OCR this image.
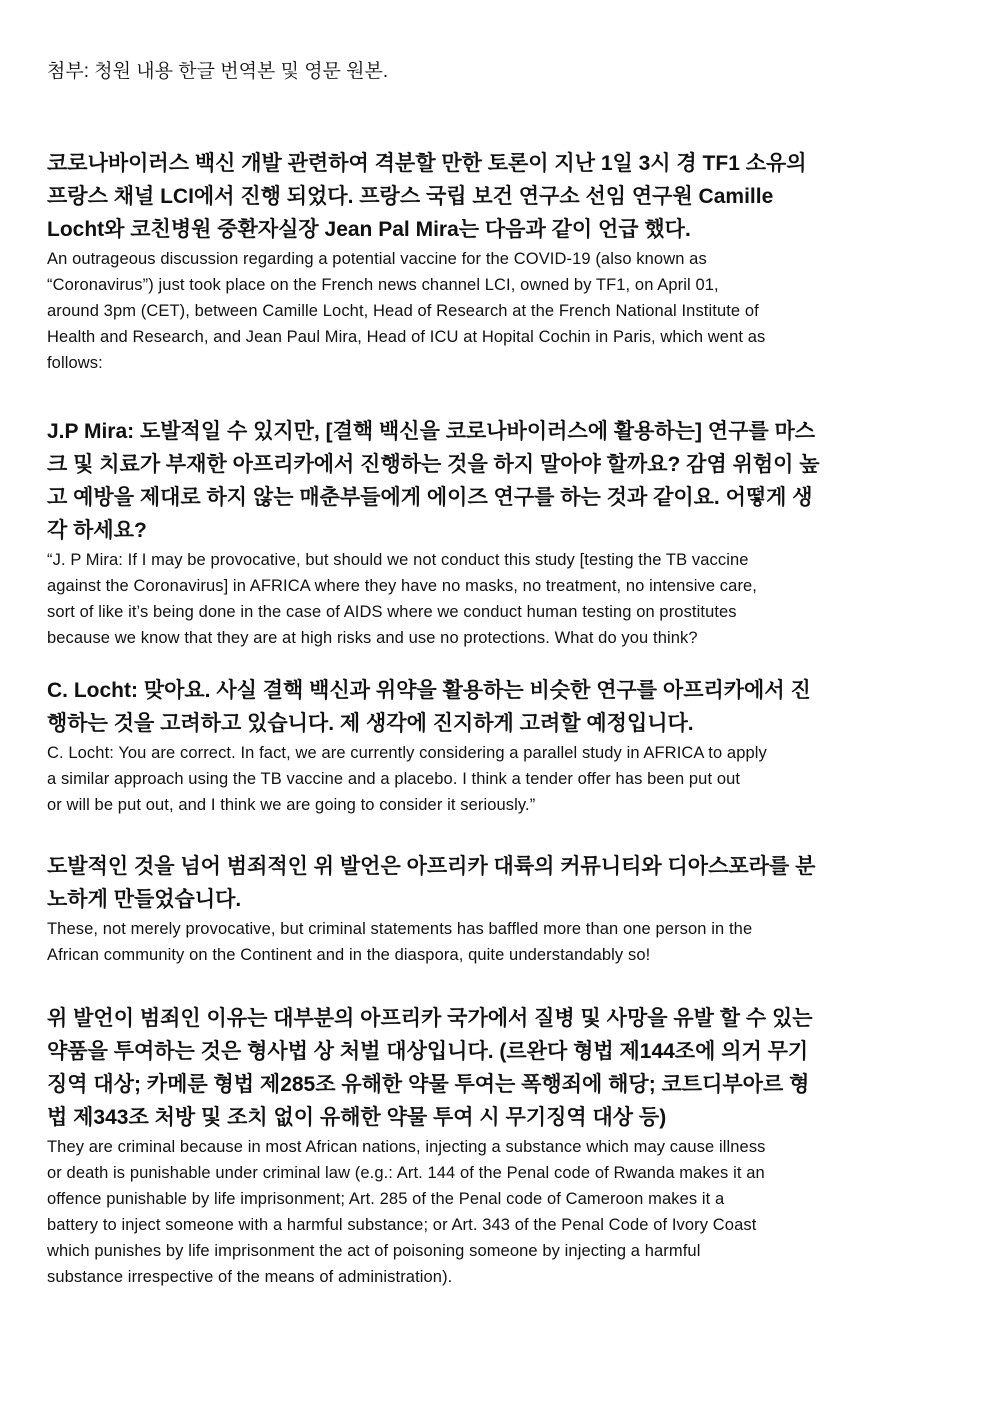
첨부: 청원 내용 한글 번역본 및 영문 원본.
코로나바이러스 백신 개발 관련하여 격분할 만한 토론이 지난 1일 3시 경 TF1 소유의
프랑스 채널 LCI에서 진행 되었다. 프랑스 국립 보건 연구소 선임 연구원 Camille
Locht와 코친병원 중환자실장 Jean Pal Mira는 다음과 같이 언급 했다.
An outrageous discussion regarding a potential vaccine for the COVID-19 (also known as
“Coronavirus”) just took place on the French news channel LCI, owned by TF1, on April 01,
around 3pm (CET), between Camille Locht, Head of Research at the French National Institute of
Health and Research, and Jean Paul Mira, Head of ICU at Hopital Cochin in Paris, which went as
follows:
J.P Mira: 도발적일 수 있지만, [결핵 백신을 코로나바이러스에 활용하는] 연구를 마스
크 및 치료가 부재한 아프리카에서 진행하는 것을 하지 말아야 할까요? 감염 위험이 높
고 예방을 제대로 하지 않는 매춘부들에게 에이즈 연구를 하는 것과 같이요. 어떻게 생
각 하세요?
“J. P Mira: If I may be provocative, but should we not conduct this study [testing the TB vaccine
against the Coronavirus] in AFRICA where they have no masks, no treatment, no intensive care,
sort of like it’s being done in the case of AIDS where we conduct human testing on prostitutes
because we know that they are at high risks and use no protections. What do you think?
C. Locht: 맞아요. 사실 결핵 백신과 위약을 활용하는 비슷한 연구를 아프리카에서 진
행하는 것을 고려하고 있습니다. 제 생각에 진지하게 고려할 예정입니다.
C. Locht: You are correct. In fact, we are currently considering a parallel study in AFRICA to apply
a similar approach using the TB vaccine and a placebo. I think a tender offer has been put out
or will be put out, and I think we are going to consider it seriously.”
도발적인 것을 넘어 범죄적인 위 발언은 아프리카 대륙의 커뮤니티와 디아스포라를 분
노하게 만들었습니다.
These, not merely provocative, but criminal statements has baffled more than one person in the
African community on the Continent and in the diaspora, quite understandably so!
위 발언이 범죄인 이유는 대부분의 아프리카 국가에서 질병 및 사망을 유발 할 수 있는
약품을 투여하는 것은 형사법 상 처벌 대상입니다. (르완다 형법 제144조에 의거 무기
징역 대상; 카메룬 형법 제285조 유해한 약물 투여는 폭행죄에 해당; 코트디부아르 형
법 제343조 처방 및 조치 없이 유해한 약물 투여 시 무기징역 대상 등)
They are criminal because in most African nations, injecting a substance which may cause illness
or death is punishable under criminal law (e.g.: Art. 144 of the Penal code of Rwanda makes it an
offence punishable by life imprisonment; Art. 285 of the Penal code of Cameroon makes it a
battery to inject someone with a harmful substance; or Art. 343 of the Penal Code of Ivory Coast
which punishes by life imprisonment the act of poisoning someone by injecting a harmful
substance irrespective of the means of administration).
